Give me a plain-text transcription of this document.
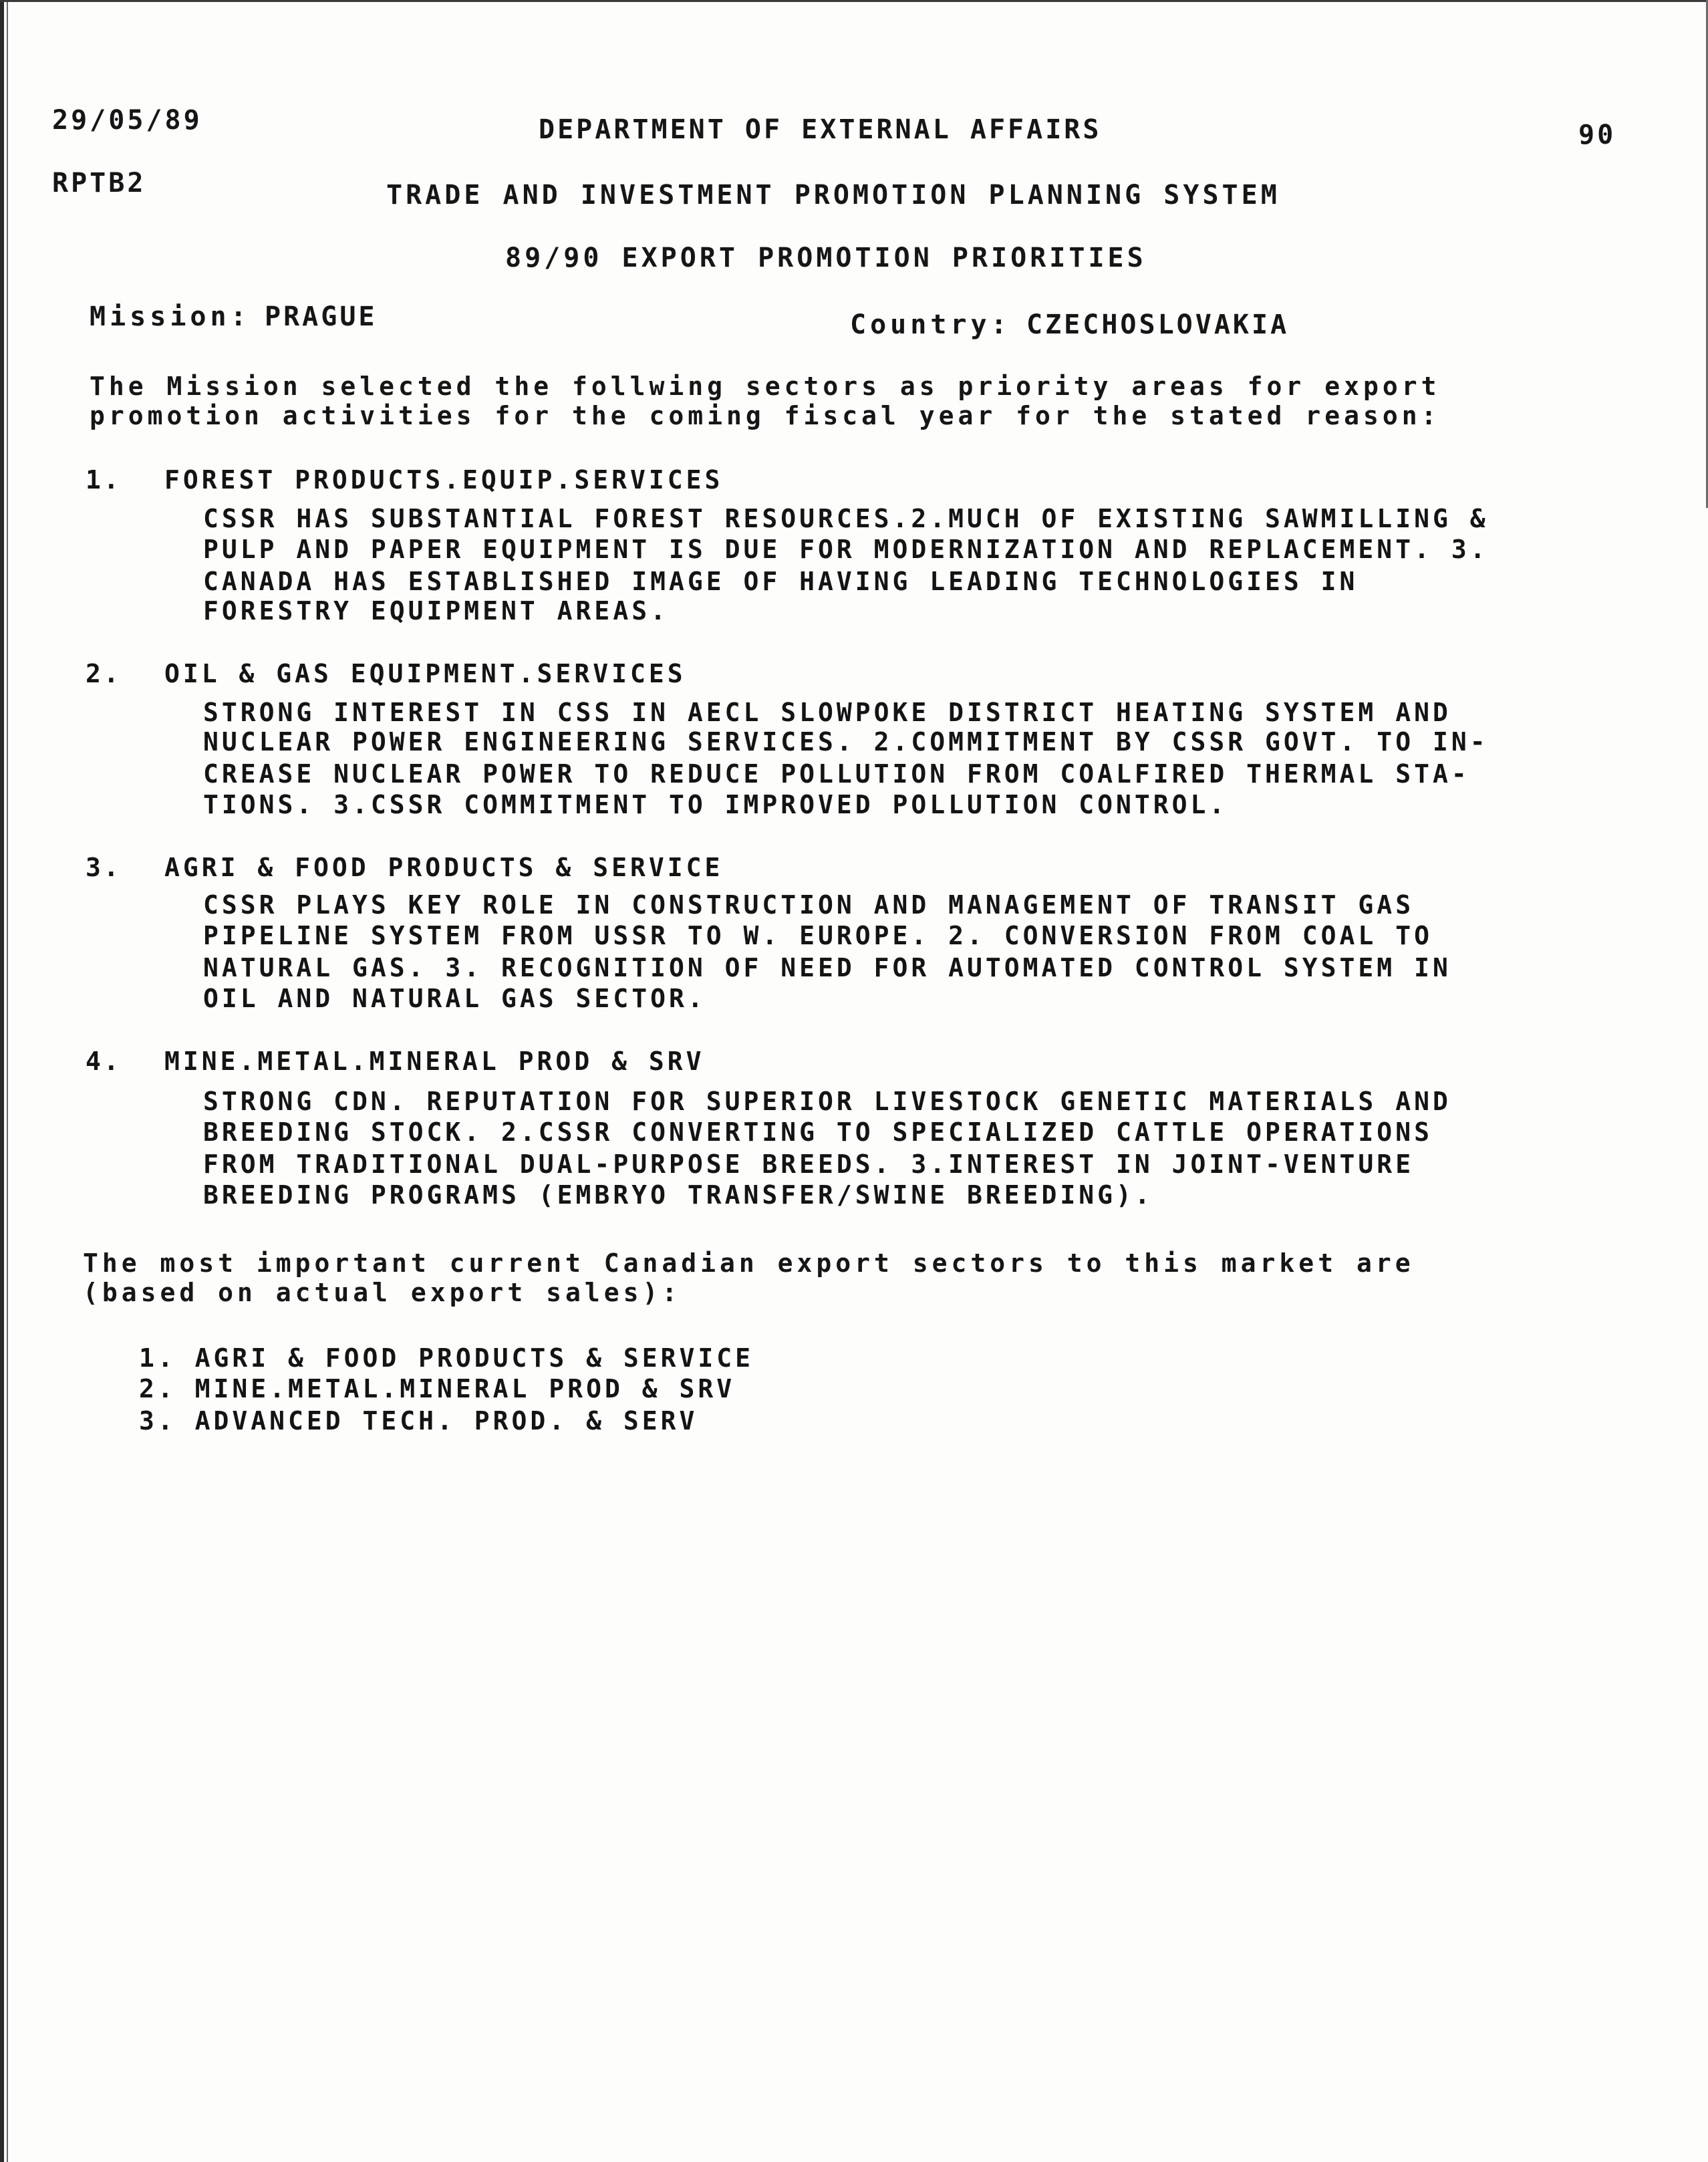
29/05/89	DEPARTMENT OF EXTERNAL AFFAIRS	90
RPTB2	TRADE AND INVESTMENT PROMOTION PLANNING SYSTEM
89/90 EXPORT PROMOTION PRIORITIES
Mission: PRAGUE	Country: CZECHOSLOVAKIA
The Mission selected the follwing sectors as priority areas for export
promotion activities for the coming fiscal year for the stated reason:
1. FOREST PRODUCTS.EQUIP.SERVICES
CSSR HAS SUBSTANTIAL FOREST RESOURCES.2.MUCH OF EXISTING SAWMILLING &
PULP AND PAPER EQUIPMENT IS DUE FOR MODERNIZATION AND REPLACEMENT. 3.
CANADA HAS ESTABLISHED IMAGE OF HAVING LEADING TECHNOLOGIES IN
FORESTRY EQUIPMENT AREAS.
2. OIL & GAS EQUIPMENT.SERVICES
STRONG INTEREST IN CSS IN AECL SLOWPOKE DISTRICT HEATING SYSTEM AND
NUCLEAR POWER ENGINEERING SERVICES. 2.COMMITMENT BY CSSR GOVT. TO IN-
CREASE NUCLEAR POWER TO REDUCE POLLUTION FROM COALFIRED THERMAL STA-
TIONS. 3.CSSR COMMITMENT TO IMPROVED POLLUTION CONTROL.
3. AGRI & FOOD PRODUCTS & SERVICE
CSSR PLAYS KEY ROLE IN CONSTRUCTION AND MANAGEMENT OF TRANSIT GAS
PIPELINE SYSTEM FROM USSR TO W. EUROPE. 2. CONVERSION FROM COAL TO
NATURAL GAS. 3. RECOGNITION OF NEED FOR AUTOMATED CONTROL SYSTEM IN
OIL AND NATURAL GAS SECTOR.
4. MINE.METAL.MINERAL PROD & SRV
STRONG CDN. REPUTATION FOR SUPERIOR LIVESTOCK GENETIC MATERIALS AND
BREEDING STOCK. 2.CSSR CONVERTING TO SPECIALIZED CATTLE OPERATIONS
FROM TRADITIONAL DUAL-PURPOSE BREEDS. 3.INTEREST IN JOINT-VENTURE
BREEDING PROGRAMS (EMBRYO TRANSFER/SWINE BREEDING).
The most important current Canadian export sectors to this market are
(based on actual export sales):
1. AGRI & FOOD PRODUCTS & SERVICE
2. MINE.METAL.MINERAL PROD & SRV
3. ADVANCED TECH. PROD. & SERV
